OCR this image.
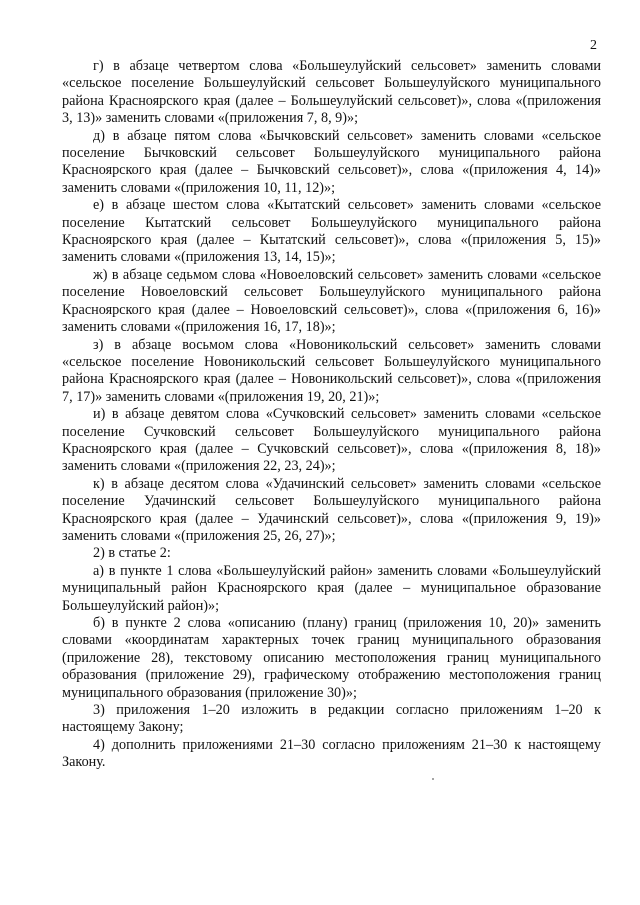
2

г) в абзаце четвертом слова «Большеулуйский сельсовет» заменить словами «сельское поселение Большеулуйский сельсовет Большеулуйского муниципального района Красноярского края (далее – Большеулуйский сельсовет)», слова «(приложения 3, 13)» заменить словами «(приложения 7, 8, 9)»;

д) в абзаце пятом слова «Бычковский сельсовет» заменить словами «сельское поселение Бычковский сельсовет Большеулуйского муниципального района Красноярского края (далее – Бычковский сельсовет)», слова «(приложения 4, 14)» заменить словами «(приложения 10, 11, 12)»;

е) в абзаце шестом слова «Кытатский сельсовет» заменить словами «сельское поселение Кытатский сельсовет Большеулуйского муниципального района Красноярского края (далее – Кытатский сельсовет)», слова «(приложения 5, 15)» заменить словами «(приложения 13, 14, 15)»;

ж) в абзаце седьмом слова «Новоеловский сельсовет» заменить словами «сельское поселение Новоеловский сельсовет Большеулуйского муниципального района Красноярского края (далее – Новоеловский сельсовет)», слова «(приложения 6, 16)» заменить словами «(приложения 16, 17, 18)»;

з) в абзаце восьмом слова «Новоникольский сельсовет» заменить словами «сельское поселение Новоникольский сельсовет Большеулуйского муниципального района Красноярского края (далее – Новоникольский сельсовет)», слова «(приложения 7, 17)» заменить словами «(приложения 19, 20, 21)»;

и) в абзаце девятом слова «Сучковский сельсовет» заменить словами «сельское поселение Сучковский сельсовет Большеулуйского муниципального района Красноярского края (далее – Сучковский сельсовет)», слова «(приложения 8, 18)» заменить словами «(приложения 22, 23, 24)»;

к) в абзаце десятом слова «Удачинский сельсовет» заменить словами «сельское поселение Удачинский сельсовет Большеулуйского муниципального района Красноярского края (далее – Удачинский сельсовет)», слова «(приложения 9, 19)» заменить словами «(приложения 25, 26, 27)»;

2) в статье 2:

а) в пункте 1 слова «Большеулуйский район» заменить словами «Большеулуйский муниципальный район Красноярского края (далее – муниципальное образование Большеулуйский район)»;

б) в пункте 2 слова «описанию (плану) границ (приложения 10, 20)» заменить словами «координатам характерных точек границ муниципального образования (приложение 28), текстовому описанию местоположения границ муниципального образования (приложение 29), графическому отображению местоположения границ муниципального образования (приложение 30)»;

3) приложения 1–20 изложить в редакции согласно приложениям 1–20 к настоящему Закону;

4) дополнить приложениями 21–30 согласно приложениям 21–30 к настоящему Закону.
